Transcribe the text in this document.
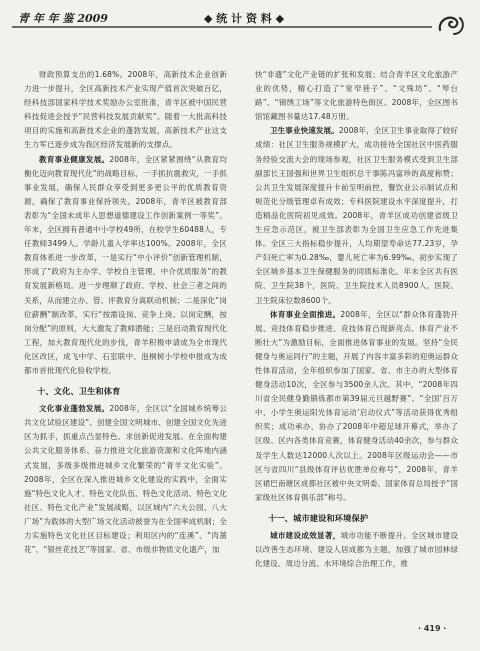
青 年 年 鉴 2009	◆ 统 计 资 料 ◆

财政预算支出的1.68%。2008年，高新技术企业创新力进一步提升，全区高新技术产业实现产值首次突破百亿，经科技部国家科学技术奖励办公室批准，青羊区被中国民营科技促进会授予“民营科技发展贡献奖”。随着一大批高科技项目的实施和高新技术企业的蓬勃发展，高新技术产业这支生力军已逐步成为我区经济发展新的支撑点。

教育事业健康发展。2008年，全区紧紧围绕“从教育均衡化迈向教育现代化”的战略目标，一手抓抗震救灾，一手抓事业发展，确保人民群众享受到更多更公平的优质教育资源，确保了教育事业保持领先。2008年，青羊区被教育部表彰为“全国未成年人思想道德建设工作创新案例一等奖”。年末，全区拥有普通中小学校49所，在校学生60488人，专任教师3499人。学龄儿童入学率达100%。2008年，全区教育体系进一步改革，一是实行“中小评价”创新管理机制，形成了“政府为主办学、学校自主管理、中介优质服务”的教育发展新格局。进一步理顺了政府、学校、社会三者之间的关系，从而建立办、管、评教育分离联动机制；二是深化“岗位薪酬”制改革，实行“按需设岗、竞争上岗、以岗定酬，按岗分配”的原则，大大激发了教师潜能；三是启动教育现代化工程，加大教育现代化的步伐，青羊积极申请成为全市现代化区改区，成飞中学、石室联中、泡桐树小学校申报成为成都市首批现代化验收学校。

十、文化、卫生和体育

文化事业蓬勃发展。2008年，全区以“全国城乡统筹公共文化试验区建设”、创建全国文明城市、创建全国文化先进区为抓手，抓重点凸显特色、求创新促进发展。在全面构建公共文化服务体系、奋力推进文化旅游资源和文化阵地内涵式发展，多级多级推进城乡文化繁荣的“青羊文化实验”。2008年，全区在深入推进城乡文化建设的实践中，全面实施“特色文化入才、特色文化队伍、特色文化活动、特色文化社区、特色文化产业”发展战略，以区域内“六大公园、八大广场”为载体的大型广场文化活动被誉为在全国率成机制；全力实施特色文化社区目标建设；利用区内的“连溪”、“肉蔷花”、“银丝花技艺”等国家、省、市级非物质文化遗产，加

快“非遗”文化产业链的扩张和发展；结合青羊区文化旅游产业的优势，精心打造了“宽窄巷子”、“文殊坊”、“琴台路”、“锦绣工场”等文化旅游特色街区。2008年，全区图书馆馆藏图书量达17.48万册。

卫生事业快速发展。2008年，全区卫生事业取得了较好成绩：社区卫生服务规模扩大，成功接待全国社区中医药服务经验交流大会的现场参观，社区卫生服务模式受到卫生部副部长王国强和世界卫生组织总干事陈冯富珍的高度称赞；公共卫生发展深度提升卡前至明前控，餐饮业公示制试点和规范化分级管理卓有成效；专科医院建设水平深度提升，打造精品化医院初见成效。2008年，青羊区成功创建省级卫生应急示范区，被卫生部表彰为全国卫生应急工作先进集体。全区三大指标稳步提升，人均期望寿命达77.23岁，孕产妇死亡率为0.28‰，婴儿死亡率为6.99‰。初步实现了全区城乡基本卫生保健服务的同质标准化。年末全区共有医院、卫生院38个，医院、卫生院技术人员8900人，医院、卫生院床位数8600个。

体育事业全面推进。2008年，全区以“群众体育蓬勃开展、竞技体育稳步推进、竞技体育凸现新亮点、体育产业不断壮大”为激励目标，全面推进体育事业的发展。坚持“全民健身与奥运同行”的主题，开展了内容丰富多彩的迎奥运群众性体育活动，全年组织参加了国家、省、市主办的大型体育健身活动10次，全区参与3500余人次。其中，“2008年四川省全民健身勤锻炼都市第39届元旦越野赛”、“全国‘百万中、小学生奥运阳光体育运动’启动仪式”等活动获得优秀组织奖；成功承办、协办了2008年中超足球开幕式，举办了区级、区内各类体育竞赛，体育健身活动40余次，参与群众及学生人数达12000人次以上。2008年区级运动会——市区与省四川“县级体育评估优胜单位称号”，2008年，青羊区裙巴南塘区成都社区被中央文明委、国家体育总局授予“国家级社区体育俱乐部”称号。

十一、城市建设和环境保护

城市建设成效显著，城市功能不断提升。全区城市建设以改善生态环境、建设人居成都为主题，加强了城市园林绿化建设、周边分流、水环境综合治理工作，推

· 419 ·
